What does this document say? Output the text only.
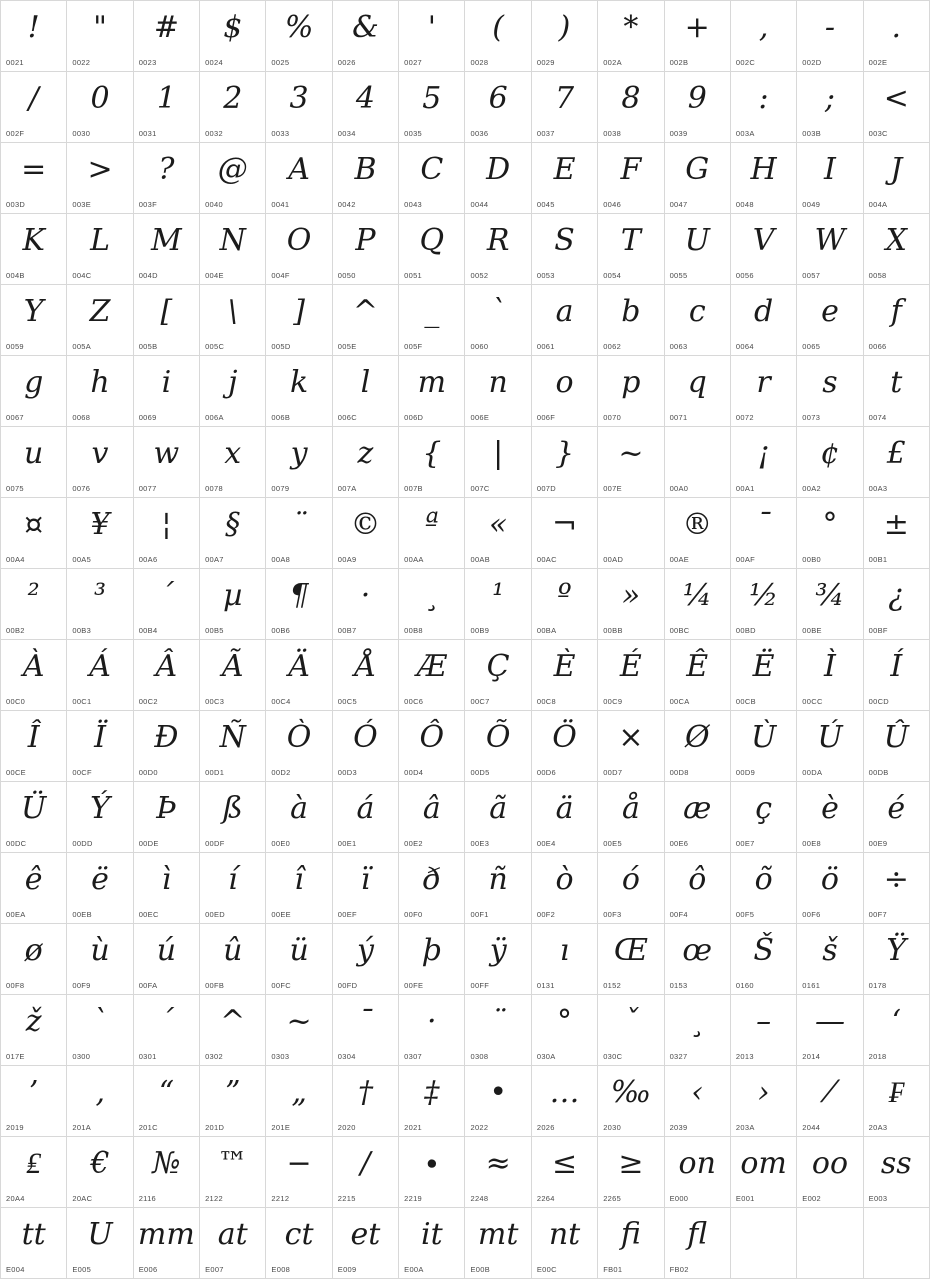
!
0021
"
0022
#
0023
$
0024
%
0025
&
0026
'
0027
(
0028
)
0029
*
002A
+
002B
,
002C
-
002D
.
002E
/
002F
0
0030
1
0031
2
0032
3
0033
4
0034
5
0035
6
0036
7
0037
8
0038
9
0039
:
003A
;
003B
<
003C
=
003D
>
003E
?
003F
@
0040
A
0041
B
0042
C
0043
D
0044
E
0045
F
0046
G
0047
H
0048
I
0049
J
004A
K
004B
L
004C
M
004D
N
004E
O
004F
P
0050
Q
0051
R
0052
S
0053
T
0054
U
0055
V
0056
W
0057
X
0058
Y
0059
Z
005A
[
005B
\
005C
]
005D
^
005E
_
005F
`
0060
a
0061
b
0062
c
0063
d
0064
e
0065
f
0066
g
0067
h
0068
i
0069
j
006A
k
006B
l
006C
m
006D
n
006E
o
006F
p
0070
q
0071
r
0072
s
0073
t
0074
u
0075
v
0076
w
0077
x
0078
y
0079
z
007A
{
007B
|
007C
}
007D
~
007E	00A0
¡
00A1
¢
00A2
£
00A3
¤
00A4
¥
00A5
¦
00A6
§
00A7
¨
00A8
©
00A9
ª
00AA
«
00AB
¬
00AC	00AD
®
00AE
¯
00AF
°
00B0
±
00B1
²
00B2
³
00B3
´
00B4
µ
00B5
¶
00B6
·
00B7
¸
00B8
¹
00B9
º
00BA
»
00BB
¼
00BC
½
00BD
¾
00BE
¿
00BF
À
00C0
Á
00C1
Â
00C2
Ã
00C3
Ä
00C4
Å
00C5
Æ
00C6
Ç
00C7
È
00C8
É
00C9
Ê
00CA
Ë
00CB
Ì
00CC
Í
00CD
Î
00CE
Ï
00CF
Ð
00D0
Ñ
00D1
Ò
00D2
Ó
00D3
Ô
00D4
Õ
00D5
Ö
00D6
×
00D7
Ø
00D8
Ù
00D9
Ú
00DA
Û
00DB
Ü
00DC
Ý
00DD
Þ
00DE
ß
00DF
à
00E0
á
00E1
â
00E2
ã
00E3
ä
00E4
å
00E5
æ
00E6
ç
00E7
è
00E8
é
00E9
ê
00EA
ë
00EB
ì
00EC
í
00ED
î
00EE
ï
00EF
ð
00F0
ñ
00F1
ò
00F2
ó
00F3
ô
00F4
õ
00F5
ö
00F6
÷
00F7
ø
00F8
ù
00F9
ú
00FA
û
00FB
ü
00FC
ý
00FD
þ
00FE
ÿ
00FF
ı
0131
Œ
0152
œ
0153
Š
0160
š
0161
Ÿ
0178
ž
017E
`
0300
´
0301
^
0302
~
0303
¯
0304
·
0307
¨
0308
°
030A
ˇ
030C
¸
0327
–
2013
—
2014
‘
2018
’
2019
‚
201A
“
201C
”
201D
„
201E
†
2020
‡
2021
•
2022
…
2026
‰
2030
‹
2039
›
203A
⁄
2044
₣
20A3
₤
20A4
€
20AC
№
2116
™
2122
−
2212
∕
2215
∙
2219
≈
2248
≤
2264
≥
2265
on
E000
om
E001
oo
E002
ss
E003
tt
E004
U
E005
mm
E006
at
E007
ct
E008
et
E009
it
E00A
mt
E00B
nt
E00C
fi
FB01
fl
FB02
